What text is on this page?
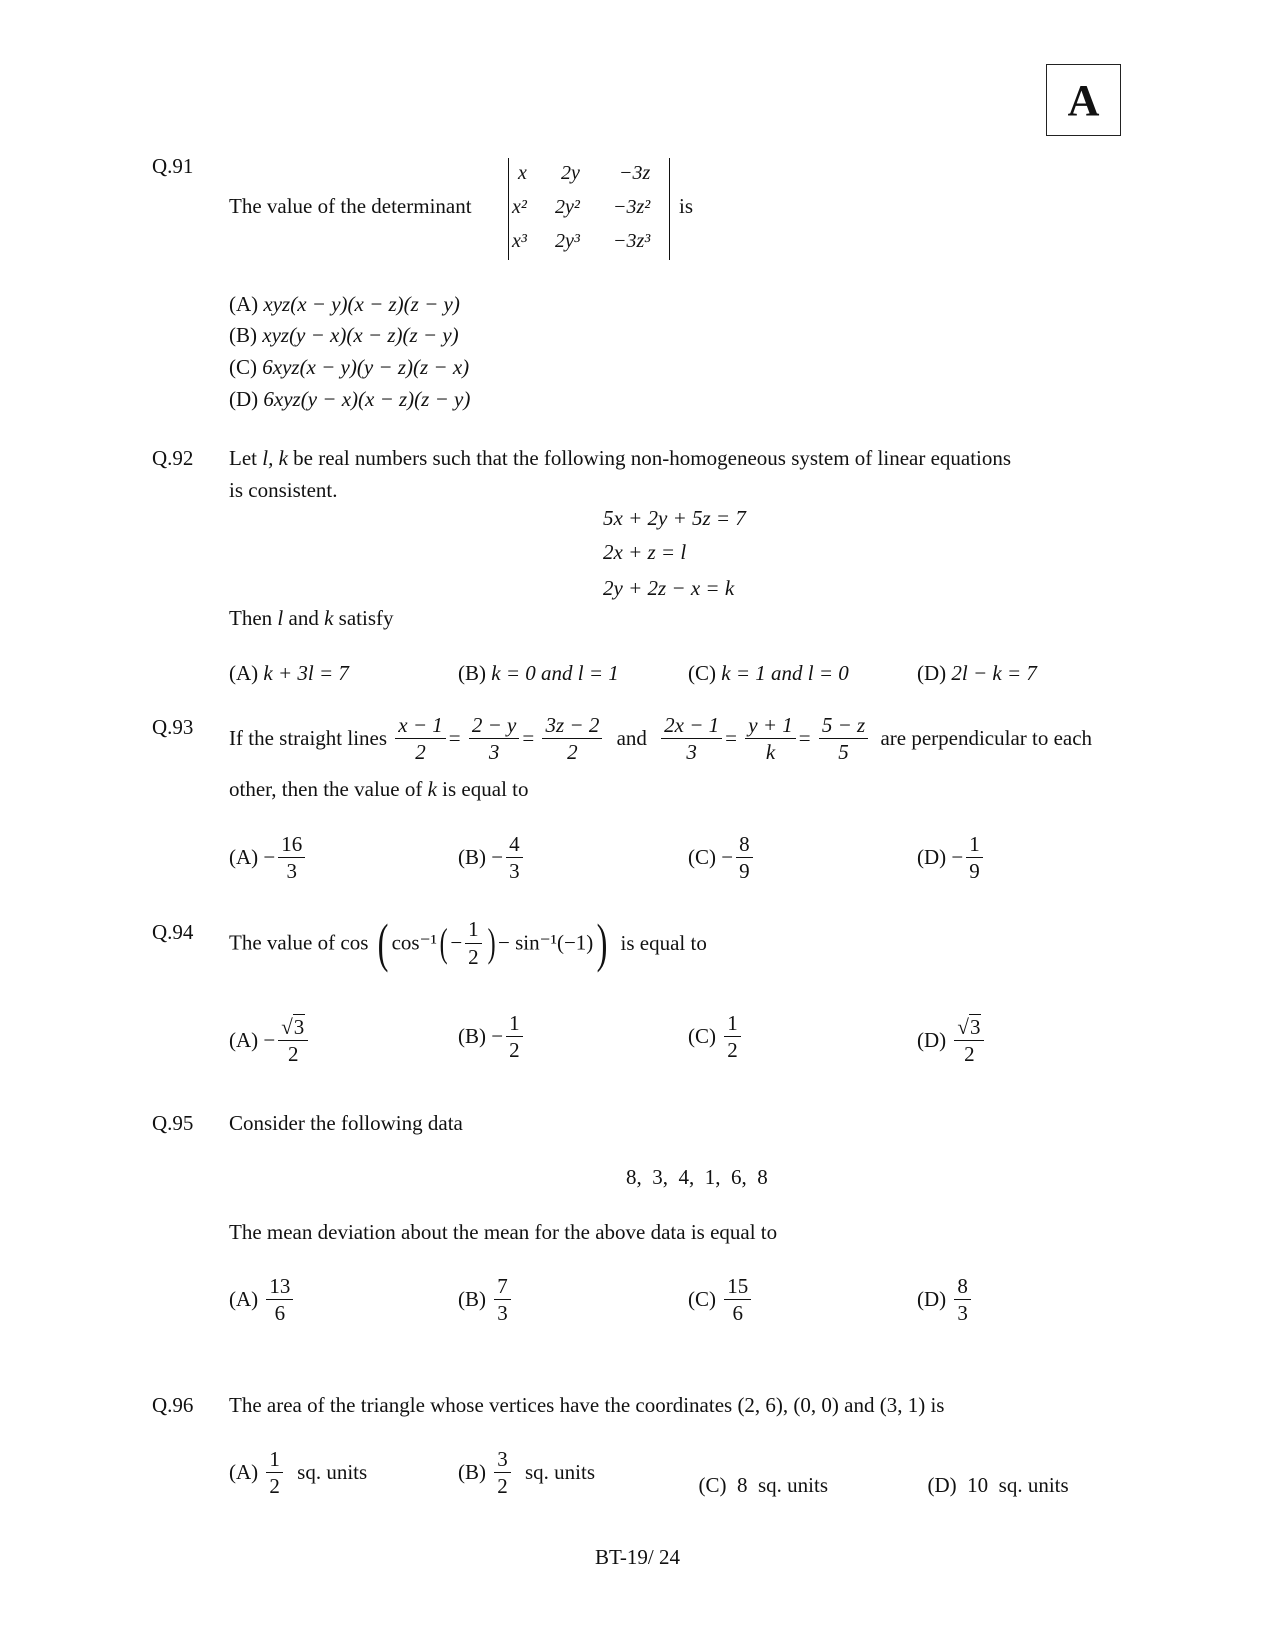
A
Q.91
The value of the determinant
x 2y −3z
x² 2y² −3z²
x³ 2y³ −3z³
is
(A) xyz(x − y)(x − z)(z − y)
(B) xyz(y − x)(x − z)(z − y)
(C) 6xyz(x − y)(y − z)(z − x)
(D) 6xyz(y − x)(x − z)(z − y)
Q.92 Let l, k be real numbers such that the following non-homogeneous system of linear equations
is consistent.
5x + 2y + 5z = 7
2x + z = l
2y + 2z − x = k
Then l and k satisfy
(A) k + 3l = 7	(B) k = 0 and l = 1	(C) k = 1 and l = 0	(D) 2l − k = 7
Q.93 If the straight lines $\frac{x - 1}{2} = \frac{2 - y}{3} = \frac{3z - 2}{2}$ and $\frac{2x - 1}{3} = \frac{y + 1}{k} = \frac{5 - z}{5}$ are perpendicular to each
other, then the value of k is equal to
$(A) - \frac{16}{3}$	$(B) - \frac{4}{3}$	$(C) - \frac{8}{9}$	$(D) - \frac{1}{9}$
Q.94 The value of cos ( $\cos^{-1}( - \frac{1}{2}$ ) − sin⁻¹(−1)) is equal to
$(A) - \frac{√3}{2}$	$(B) - \frac{1}{2}$	$(C) \frac{1}{2}$	$(D) \frac{√3}{2}$
Q.95 Consider the following data
8,  3,  4,  1,  6,  8
The mean deviation about the mean for the above data is equal to
$(A) \frac{13}{6}$	$(B) \frac{7}{3}$	$(C) \frac{15}{6}$	$(D) \frac{8}{3}$
Q.96 The area of the triangle whose vertices have the coordinates (2, 6), (0, 0) and (3, 1) is
$(A) \frac{1}{2}$ sq. units	$(B) \frac{3}{2}$ sq. units

(C) 8  sq. units	(D) 10  sq. units

BT-19/ 24
